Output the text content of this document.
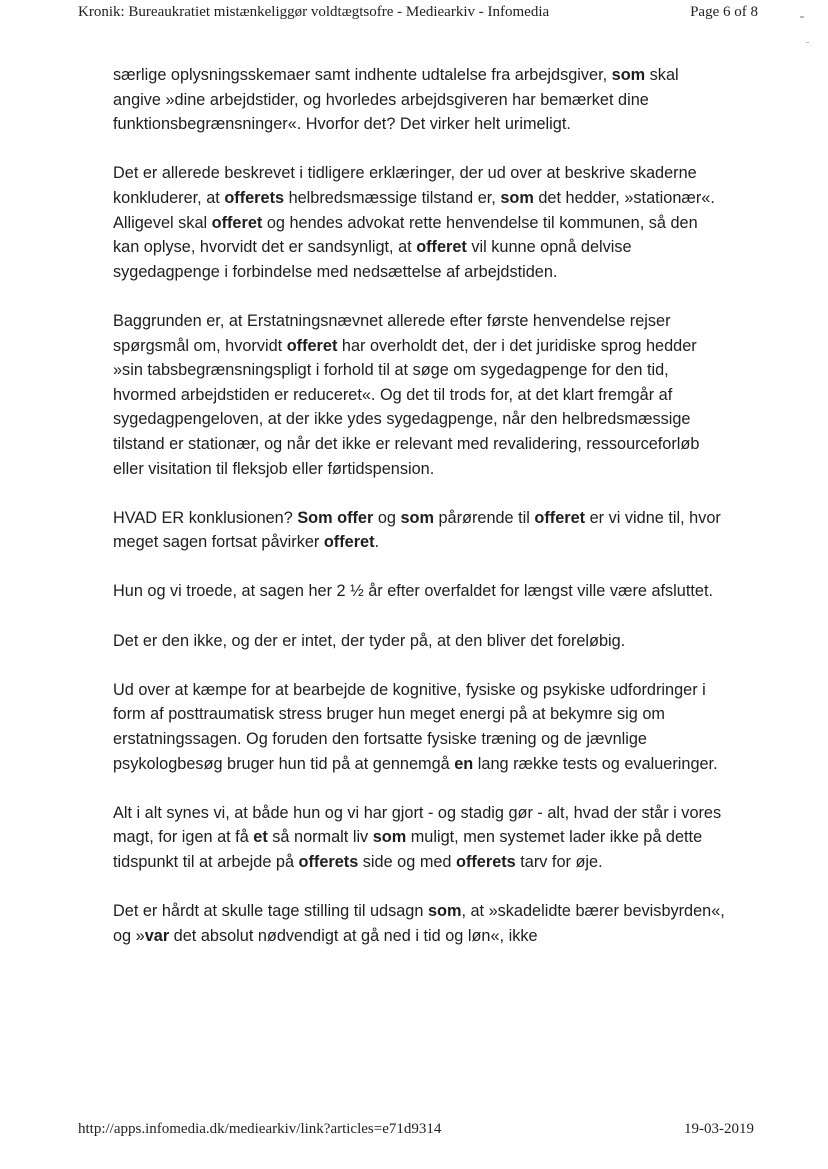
Kronik: Bureaukratiet mistænkeliggør voldtægtsofre - Mediearkiv - Infomedia	Page 6 of 8

særlige oplysningsskemaer samt indhente udtalelse fra arbejdsgiver, som skal angive »dine arbejdstider, og hvorledes arbejdsgiveren har bemærket dine funktionsbegrænsninger«. Hvorfor det? Det virker helt urimeligt.

Det er allerede beskrevet i tidligere erklæringer, der ud over at beskrive skaderne konkluderer, at offerets helbredsmæssige tilstand er, som det hedder, »stationær«. Alligevel skal offeret og hendes advokat rette henvendelse til kommunen, så den kan oplyse, hvorvidt det er sandsynligt, at offeret vil kunne opnå delvise sygedagpenge i forbindelse med nedsættelse af arbejdstiden.

Baggrunden er, at Erstatningsnævnet allerede efter første henvendelse rejser spørgsmål om, hvorvidt offeret har overholdt det, der i det juridiske sprog hedder »sin tabsbegrænsningspligt i forhold til at søge om sygedagpenge for den tid, hvormed arbejdstiden er reduceret«. Og det til trods for, at det klart fremgår af sygedagpengeloven, at der ikke ydes sygedagpenge, når den helbredsmæssige tilstand er stationær, og når det ikke er relevant med revalidering, ressourceforløb eller visitation til fleksjob eller førtidspension.

HVAD ER konklusionen? Som offer og som pårørende til offeret er vi vidne til, hvor meget sagen fortsat påvirker offeret.

Hun og vi troede, at sagen her 2 ½ år efter overfaldet for længst ville være afsluttet.

Det er den ikke, og der er intet, der tyder på, at den bliver det foreløbig.

Ud over at kæmpe for at bearbejde de kognitive, fysiske og psykiske udfordringer i form af posttraumatisk stress bruger hun meget energi på at bekymre sig om erstatningssagen. Og foruden den fortsatte fysiske træning og de jævnlige psykologbesøg bruger hun tid på at gennemgå en lang række tests og evalueringer.

Alt i alt synes vi, at både hun og vi har gjort - og stadig gør - alt, hvad der står i vores magt, for igen at få et så normalt liv som muligt, men systemet lader ikke på dette tidspunkt til at arbejde på offerets side og med offerets tarv for øje.

Det er hårdt at skulle tage stilling til udsagn som, at »skadelidte bærer bevisbyrden«, og »var det absolut nødvendigt at gå ned i tid og løn«, ikke

http://apps.infomedia.dk/mediearkiv/link?articles=e71d9314	19-03-2019
